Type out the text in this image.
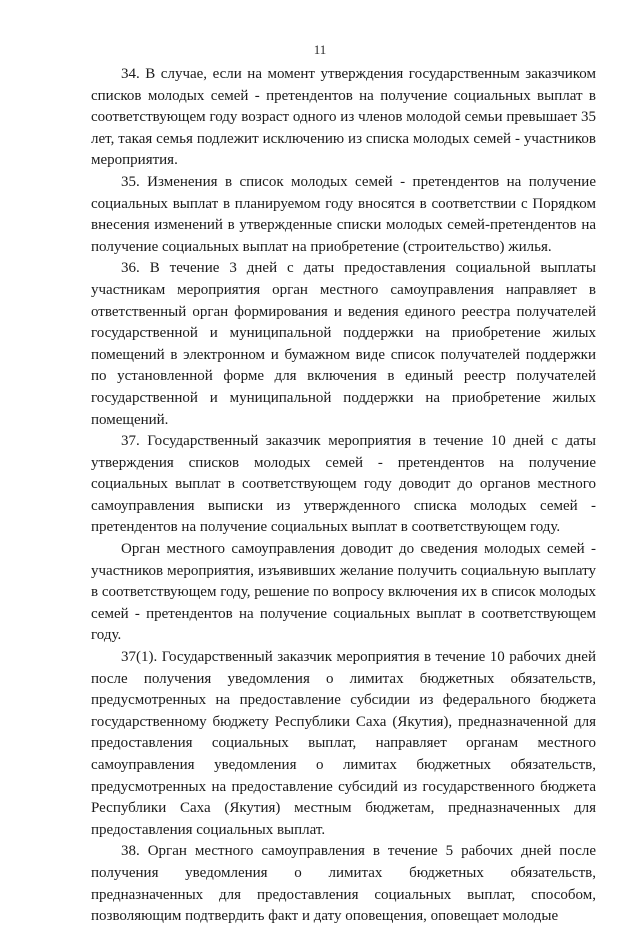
11

34. В случае, если на момент утверждения государственным заказчиком списков молодых семей - претендентов на получение социальных выплат в соответствующем году возраст одного из членов молодой семьи превышает 35 лет, такая семья подлежит исключению из списка молодых семей - участников мероприятия.

35. Изменения в список молодых семей - претендентов на получение социальных выплат в планируемом году вносятся в соответствии с Порядком внесения изменений в утвержденные списки молодых семей-претендентов на получение социальных выплат на приобретение (строительство) жилья.

36. В течение 3 дней с даты предоставления социальной выплаты участникам мероприятия орган местного самоуправления направляет в ответственный орган формирования и ведения единого реестра получателей государственной и муниципальной поддержки на приобретение жилых помещений в электронном и бумажном виде список получателей поддержки по установленной форме для включения в единый реестр получателей государственной и муниципальной поддержки на приобретение жилых помещений.

37. Государственный заказчик мероприятия в течение 10 дней с даты утверждения списков молодых семей - претендентов на получение социальных выплат в соответствующем году доводит до органов местного самоуправления выписки из утвержденного списка молодых семей - претендентов на получение социальных выплат в соответствующем году.

Орган местного самоуправления доводит до сведения молодых семей - участников мероприятия, изъявивших желание получить социальную выплату в соответствующем году, решение по вопросу включения их в список молодых семей - претендентов на получение социальных выплат в соответствующем году.

37(1). Государственный заказчик мероприятия в течение 10 рабочих дней после получения уведомления о лимитах бюджетных обязательств, предусмотренных на предоставление субсидии из федерального бюджета государственному бюджету Республики Саха (Якутия), предназначенной для предоставления социальных выплат, направляет органам местного самоуправления уведомления о лимитах бюджетных обязательств, предусмотренных на предоставление субсидий из государственного бюджета Республики Саха (Якутия) местным бюджетам, предназначенных для предоставления социальных выплат.

38. Орган местного самоуправления в течение 5 рабочих дней после получения уведомления о лимитах бюджетных обязательств, предназначенных для предоставления социальных выплат, способом, позволяющим подтвердить факт и дату оповещения, оповещает молодые
